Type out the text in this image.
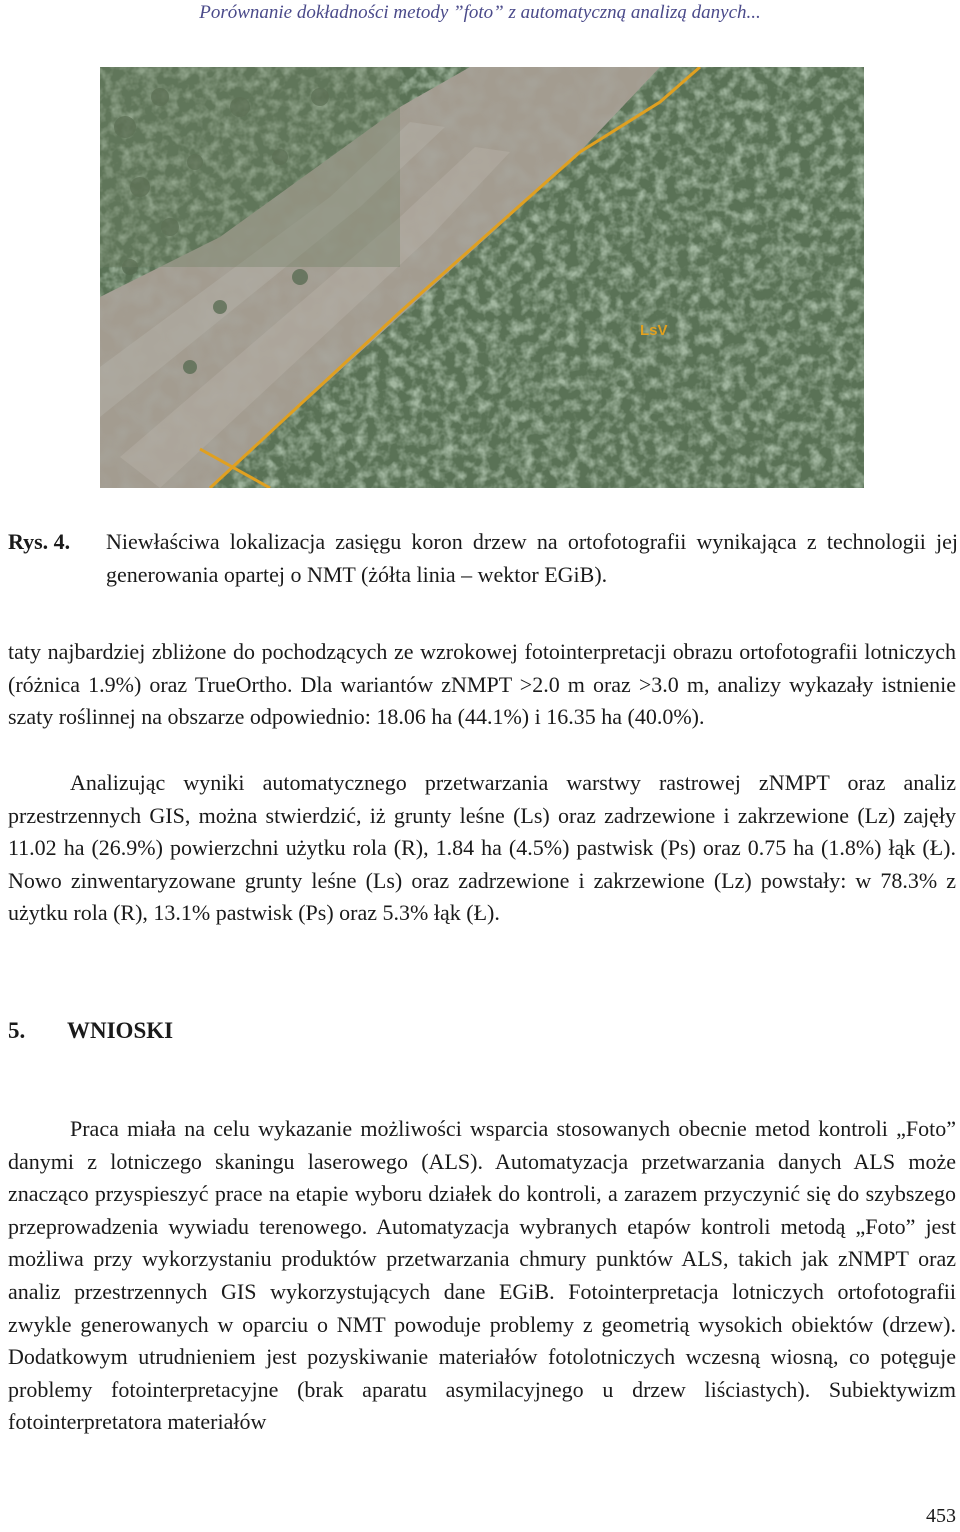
Porównanie dokładności metody ”foto” z automatyczną analizą danych...
LsV
Rys. 4. Niewłaściwa lokalizacja zasięgu koron drzew na ortofotografii wynikająca z technologii jej generowania opartej o NMT (żółta linia – wektor EGiB).
taty najbardziej zbliżone do pochodzących ze wzrokowej fotointerpretacji obrazu ortofotografii lotniczych (różnica 1.9%) oraz TrueOrtho. Dla wariantów zNMPT >2.0 m oraz >3.0 m, analizy wykazały istnienie szaty roślinnej na obszarze odpowiednio: 18.06 ha (44.1%) i 16.35 ha (40.0%).
Analizując wyniki automatycznego przetwarzania warstwy rastrowej zNMPT oraz analiz przestrzennych GIS, można stwierdzić, iż grunty leśne (Ls) oraz zadrzewione i zakrzewione (Lz) zajęły 11.02 ha (26.9%) powierzchni użytku rola (R), 1.84 ha (4.5%) pastwisk (Ps) oraz 0.75 ha (1.8%) łąk (Ł). Nowo zinwentaryzowane grunty leśne (Ls) oraz zadrzewione i zakrzewione (Lz) powstały: w 78.3% z użytku rola (R), 13.1% pastwisk (Ps) oraz 5.3% łąk (Ł).
5. WNIOSKI
Praca miała na celu wykazanie możliwości wsparcia stosowanych obecnie metod kontroli „Foto” danymi z lotniczego skaningu laserowego (ALS). Automatyzacja przetwarzania danych ALS może znacząco przyspieszyć prace na etapie wyboru działek do kontroli, a zarazem przyczynić się do szybszego przeprowadzenia wywiadu terenowego. Automatyzacja wybranych etapów kontroli metodą „Foto” jest możliwa przy wykorzystaniu produktów przetwarzania chmury punktów ALS, takich jak zNMPT oraz analiz przestrzennych GIS wykorzystujących dane EGiB. Fotointerpretacja lotniczych ortofotografii zwykle generowanych w oparciu o NMT powoduje problemy z geometrią wysokich obiektów (drzew). Dodatkowym utrudnieniem jest pozyskiwanie materiałów fotolotniczych wczesną wiosną, co potęguje problemy fotointerpretacyjne (brak aparatu asymilacyjnego u drzew liściastych). Subiektywizm fotointerpretatora materiałów
453
